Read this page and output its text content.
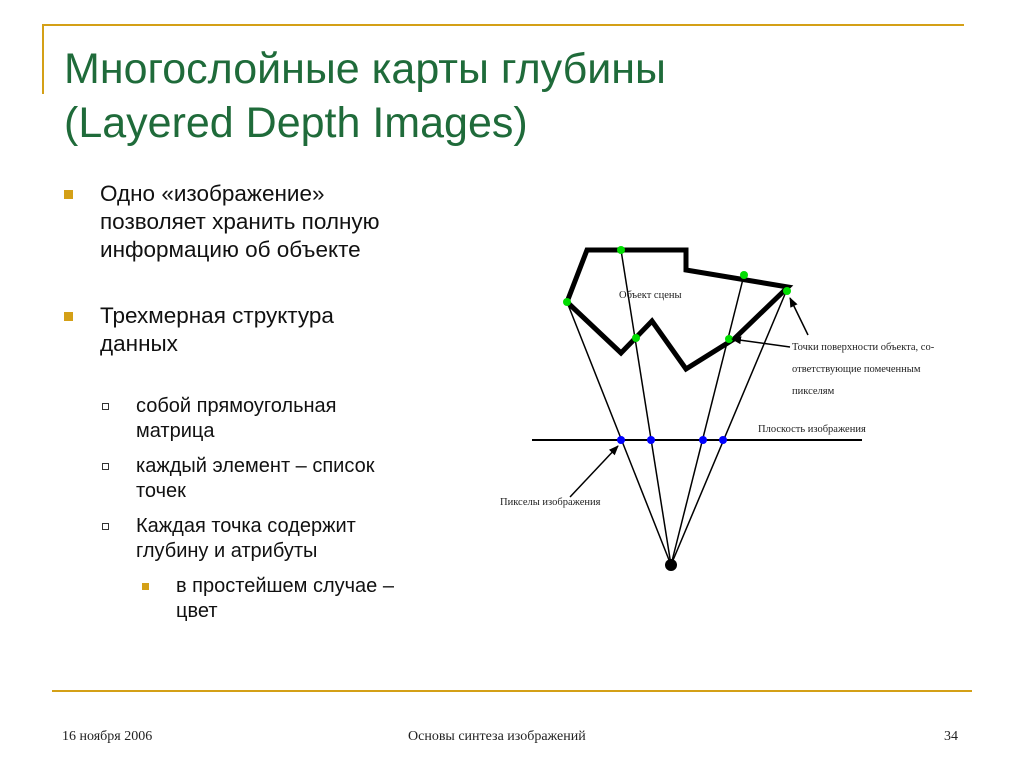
Многослойные карты глубины
(Layered Depth Images)
Одно «изображение»
позволяет хранить полную
информацию об объекте
Трехмерная структура
данных
собой прямоугольная
матрица
каждый элемент – список
точек
Каждая точка содержит
глубину и атрибуты
в простейшем случае –
цвет
Объект сцены
Точки поверхности объекта, со-
ответствующие помеченным
пикселям
Плоскость изображения
Пикселы изображения
16 ноября 2006	Основы синтеза изображений	34
